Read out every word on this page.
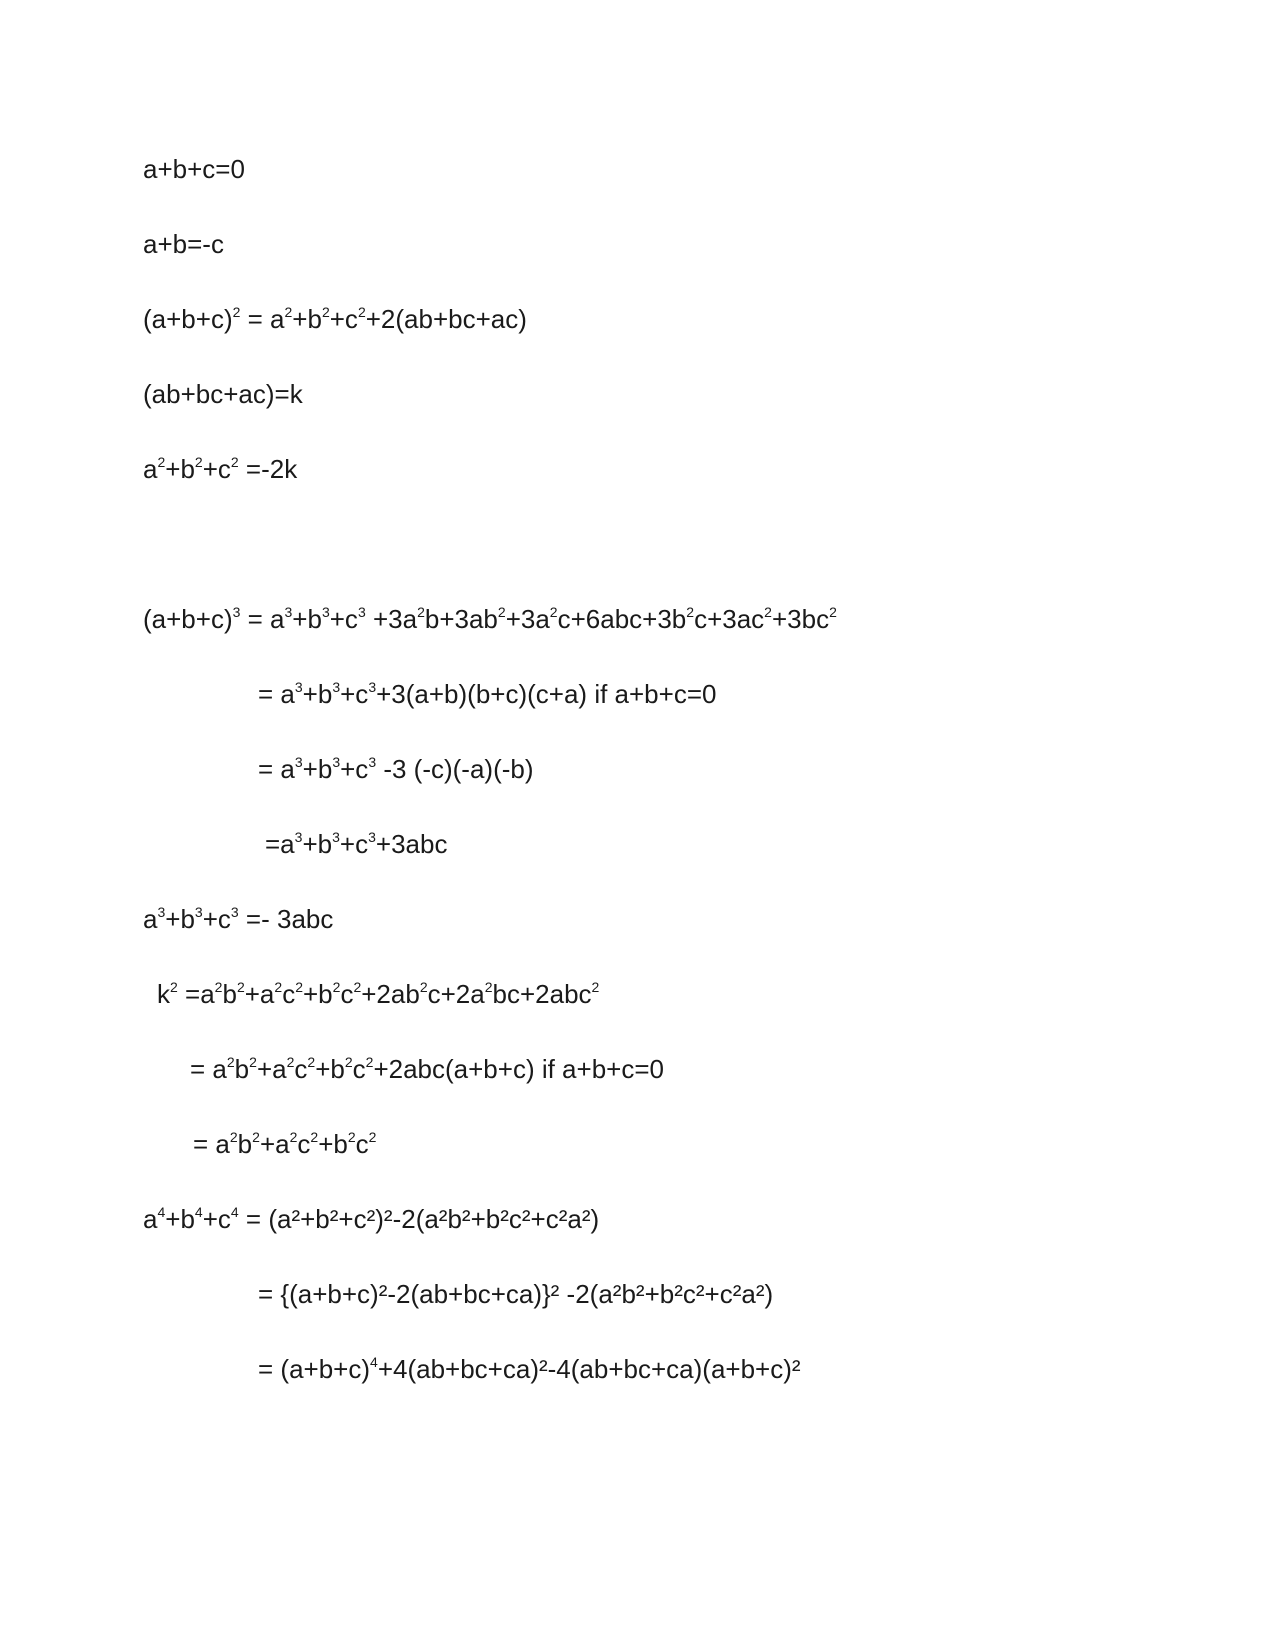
a+b+c=0
a+b=-c
$(a+b+c)^2 = a^2+b^2+c^2+2(ab+bc+ac)$
(ab+bc+ac)=k
$a^2+b^2+c^2 =-2k$
$(a+b+c)^3 = a^3+b^3+c^3 +3a^2b+3ab^2+3a^2c+6abc+3b^2c+3ac^2+3bc^2$
= $a^3+b^3+c^3+3(a+b)(b+c)(c+a)$ if a+b+c=0
= $a^3+b^3+c^3$ -3 (-c)(-a)(-b)
$=a^3+b^3+c^3+3abc$
$a^3+b^3+c^3 =- 3abc$
$k^2 =a^2b^2+a^2c^2+b^2c^2+2ab^2c+2a^2bc+2abc^2$
= $a^2b^2+a^2c^2+b^2c^2+2abc(a+b+c)$ if a+b+c=0
= $a^2b^2+a^2c^2+b^2c^2$
$a^4+b^4+c^4 = (a^2+b^2+c^2)^2-2(a^2b^2+b^2c^2+c^2a^2)$
= {(a+b+c)²-2(ab+bc+ca)}² -2(a²b²+b²c²+c²a²)
= $(a+b+c)^4+4(ab+bc+ca)^2-4(ab+bc+ca)(a+b+c)^2$
